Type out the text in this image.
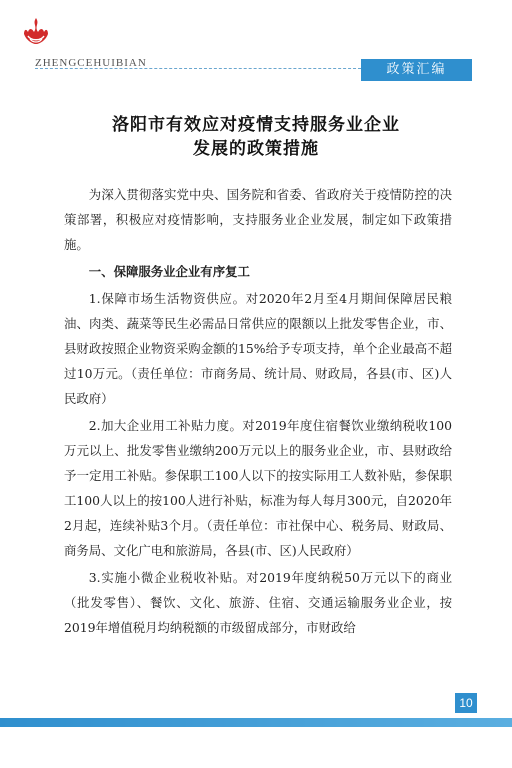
ZHENGCEHUIBIAN	政策汇编
洛阳市有效应对疫情支持服务业企业
发展的政策措施

为深入贯彻落实党中央、国务院和省委、省政府关于疫情防控的决策部署，积极应对疫情影响，支持服务业企业发展，制定如下政策措施。

一、保障服务业企业有序复工

1.保障市场生活物资供应。对2020年2月至4月期间保障居民粮油、肉类、蔬菜等民生必需品日常供应的限额以上批发零售企业，市、县财政按照企业物资采购金额的15%给予专项支持，单个企业最高不超过10万元。（责任单位：市商务局、统计局、财政局，各县(市、区)人民政府）

2.加大企业用工补贴力度。对2019年度住宿餐饮业缴纳税收100万元以上、批发零售业缴纳200万元以上的服务业企业，市、县财政给予一定用工补贴。参保职工100人以下的按实际用工人数补贴，参保职工100人以上的按100人进行补贴，标准为每人每月300元，自2020年2月起，连续补贴3个月。（责任单位：市社保中心、税务局、财政局、商务局、文化广电和旅游局，各县(市、区)人民政府）

3.实施小微企业税收补贴。对2019年度纳税50万元以下的商业（批发零售）、餐饮、文化、旅游、住宿、交通运输服务业企业，按2019年增值税月均纳税额的市级留成部分，市财政给

10
